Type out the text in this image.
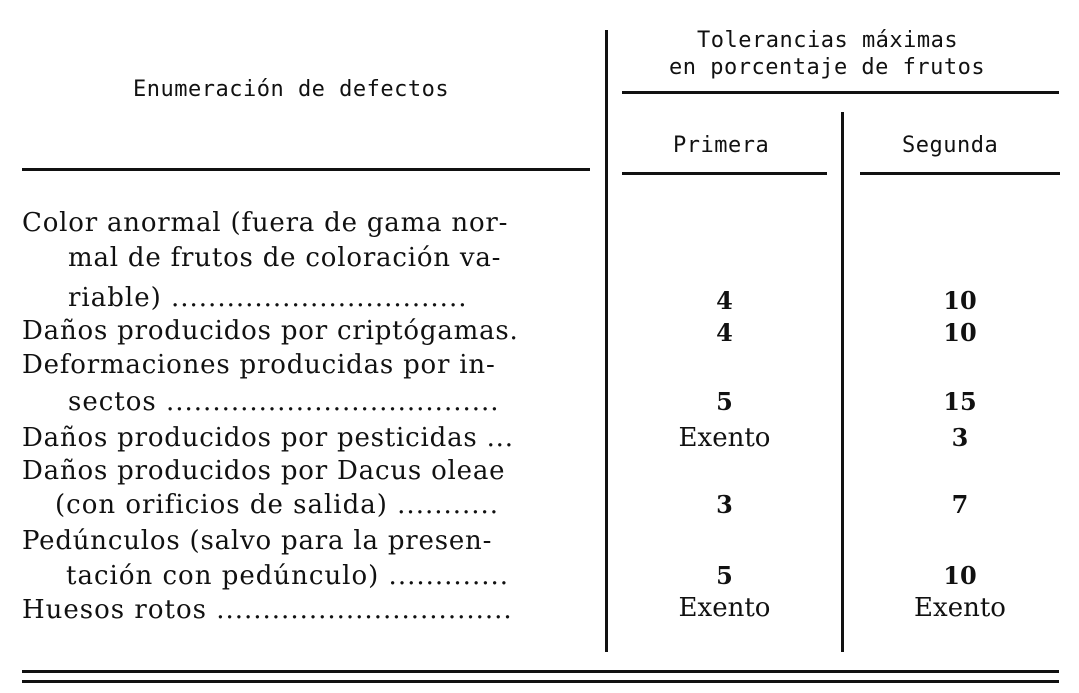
Enumeración de defectos
Tolerancias máximas
en porcentaje de frutos
Primera	Segunda
Color anormal (fuera de gama nor-
mal de frutos de coloración va-
riable) ................................
Daños producidos por criptógamas.
Deformaciones producidas por in-
sectos ....................................
Daños producidos por pesticidas ...
Daños producidos por Dacus oleae
(con orificios de salida) ...........
Pedúnculos (salvo para la presen-
tación con pedúnculo) .............
Huesos rotos ................................
4
4
5
Exento
3
5
Exento
10
10
15
3
7
10
Exento
